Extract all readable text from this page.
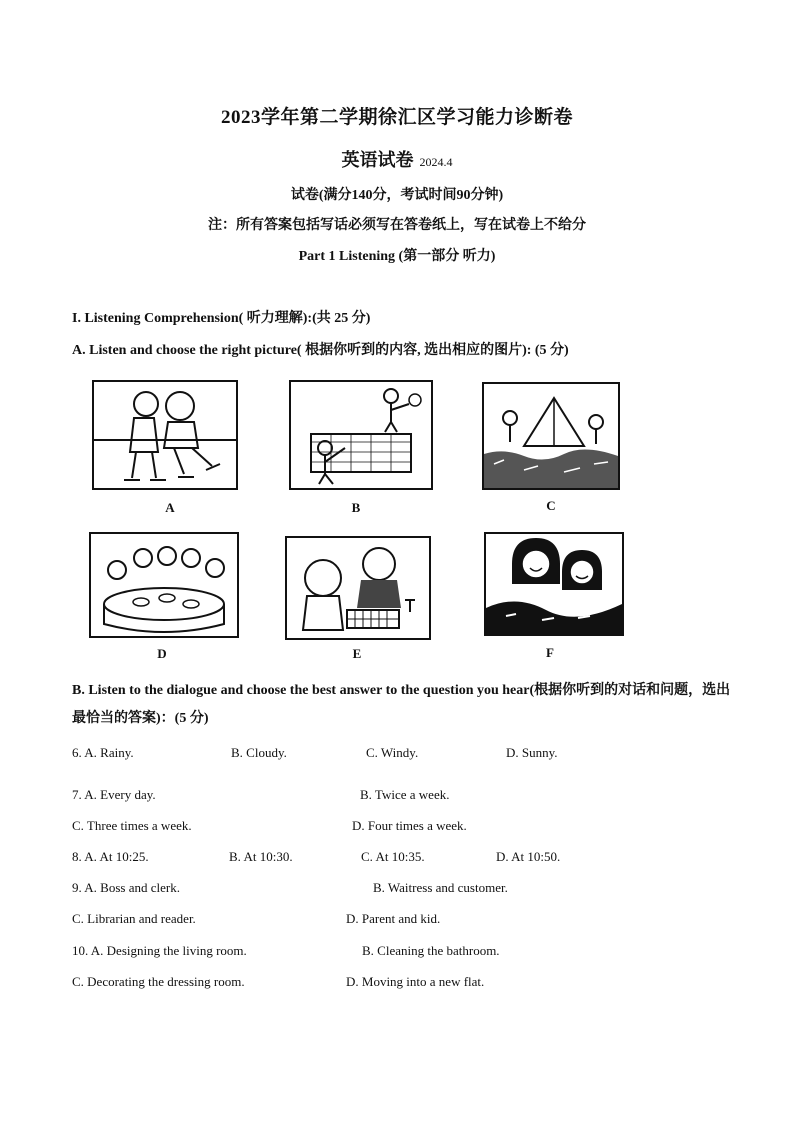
2023学年第二学期徐汇区学习能力诊断卷
英语试卷 2024.4
试卷(满分140分，考试时间90分钟)
注：所有答案包括写话必须写在答卷纸上，写在试卷上不给分
Part 1 Listening (第一部分 听力)
I. Listening Comprehension( 听力理解):(共 25 分)
A. Listen and choose the right picture( 根据你听到的内容, 选出相应的图片): (5 分)
A	B	C
D	E	F
B. Listen to the dialogue and choose the best answer to the question you hear(根据你听到的对话和问题，选出最恰当的答案)：(5 分)
6. A. Rainy.	B. Cloudy.	C. Windy.	D. Sunny.
7. A. Every day.	B. Twice a week.
C. Three times a week.	D. Four times a week.
8. A. At 10:25.	B. At 10:30.	C. At 10:35.	D. At 10:50.
9. A. Boss and clerk.	B. Waitress and customer.
C. Librarian and reader.	D. Parent and kid.
10. A. Designing the living room.	B. Cleaning the bathroom.
C. Decorating the dressing room.	D. Moving into a new flat.
